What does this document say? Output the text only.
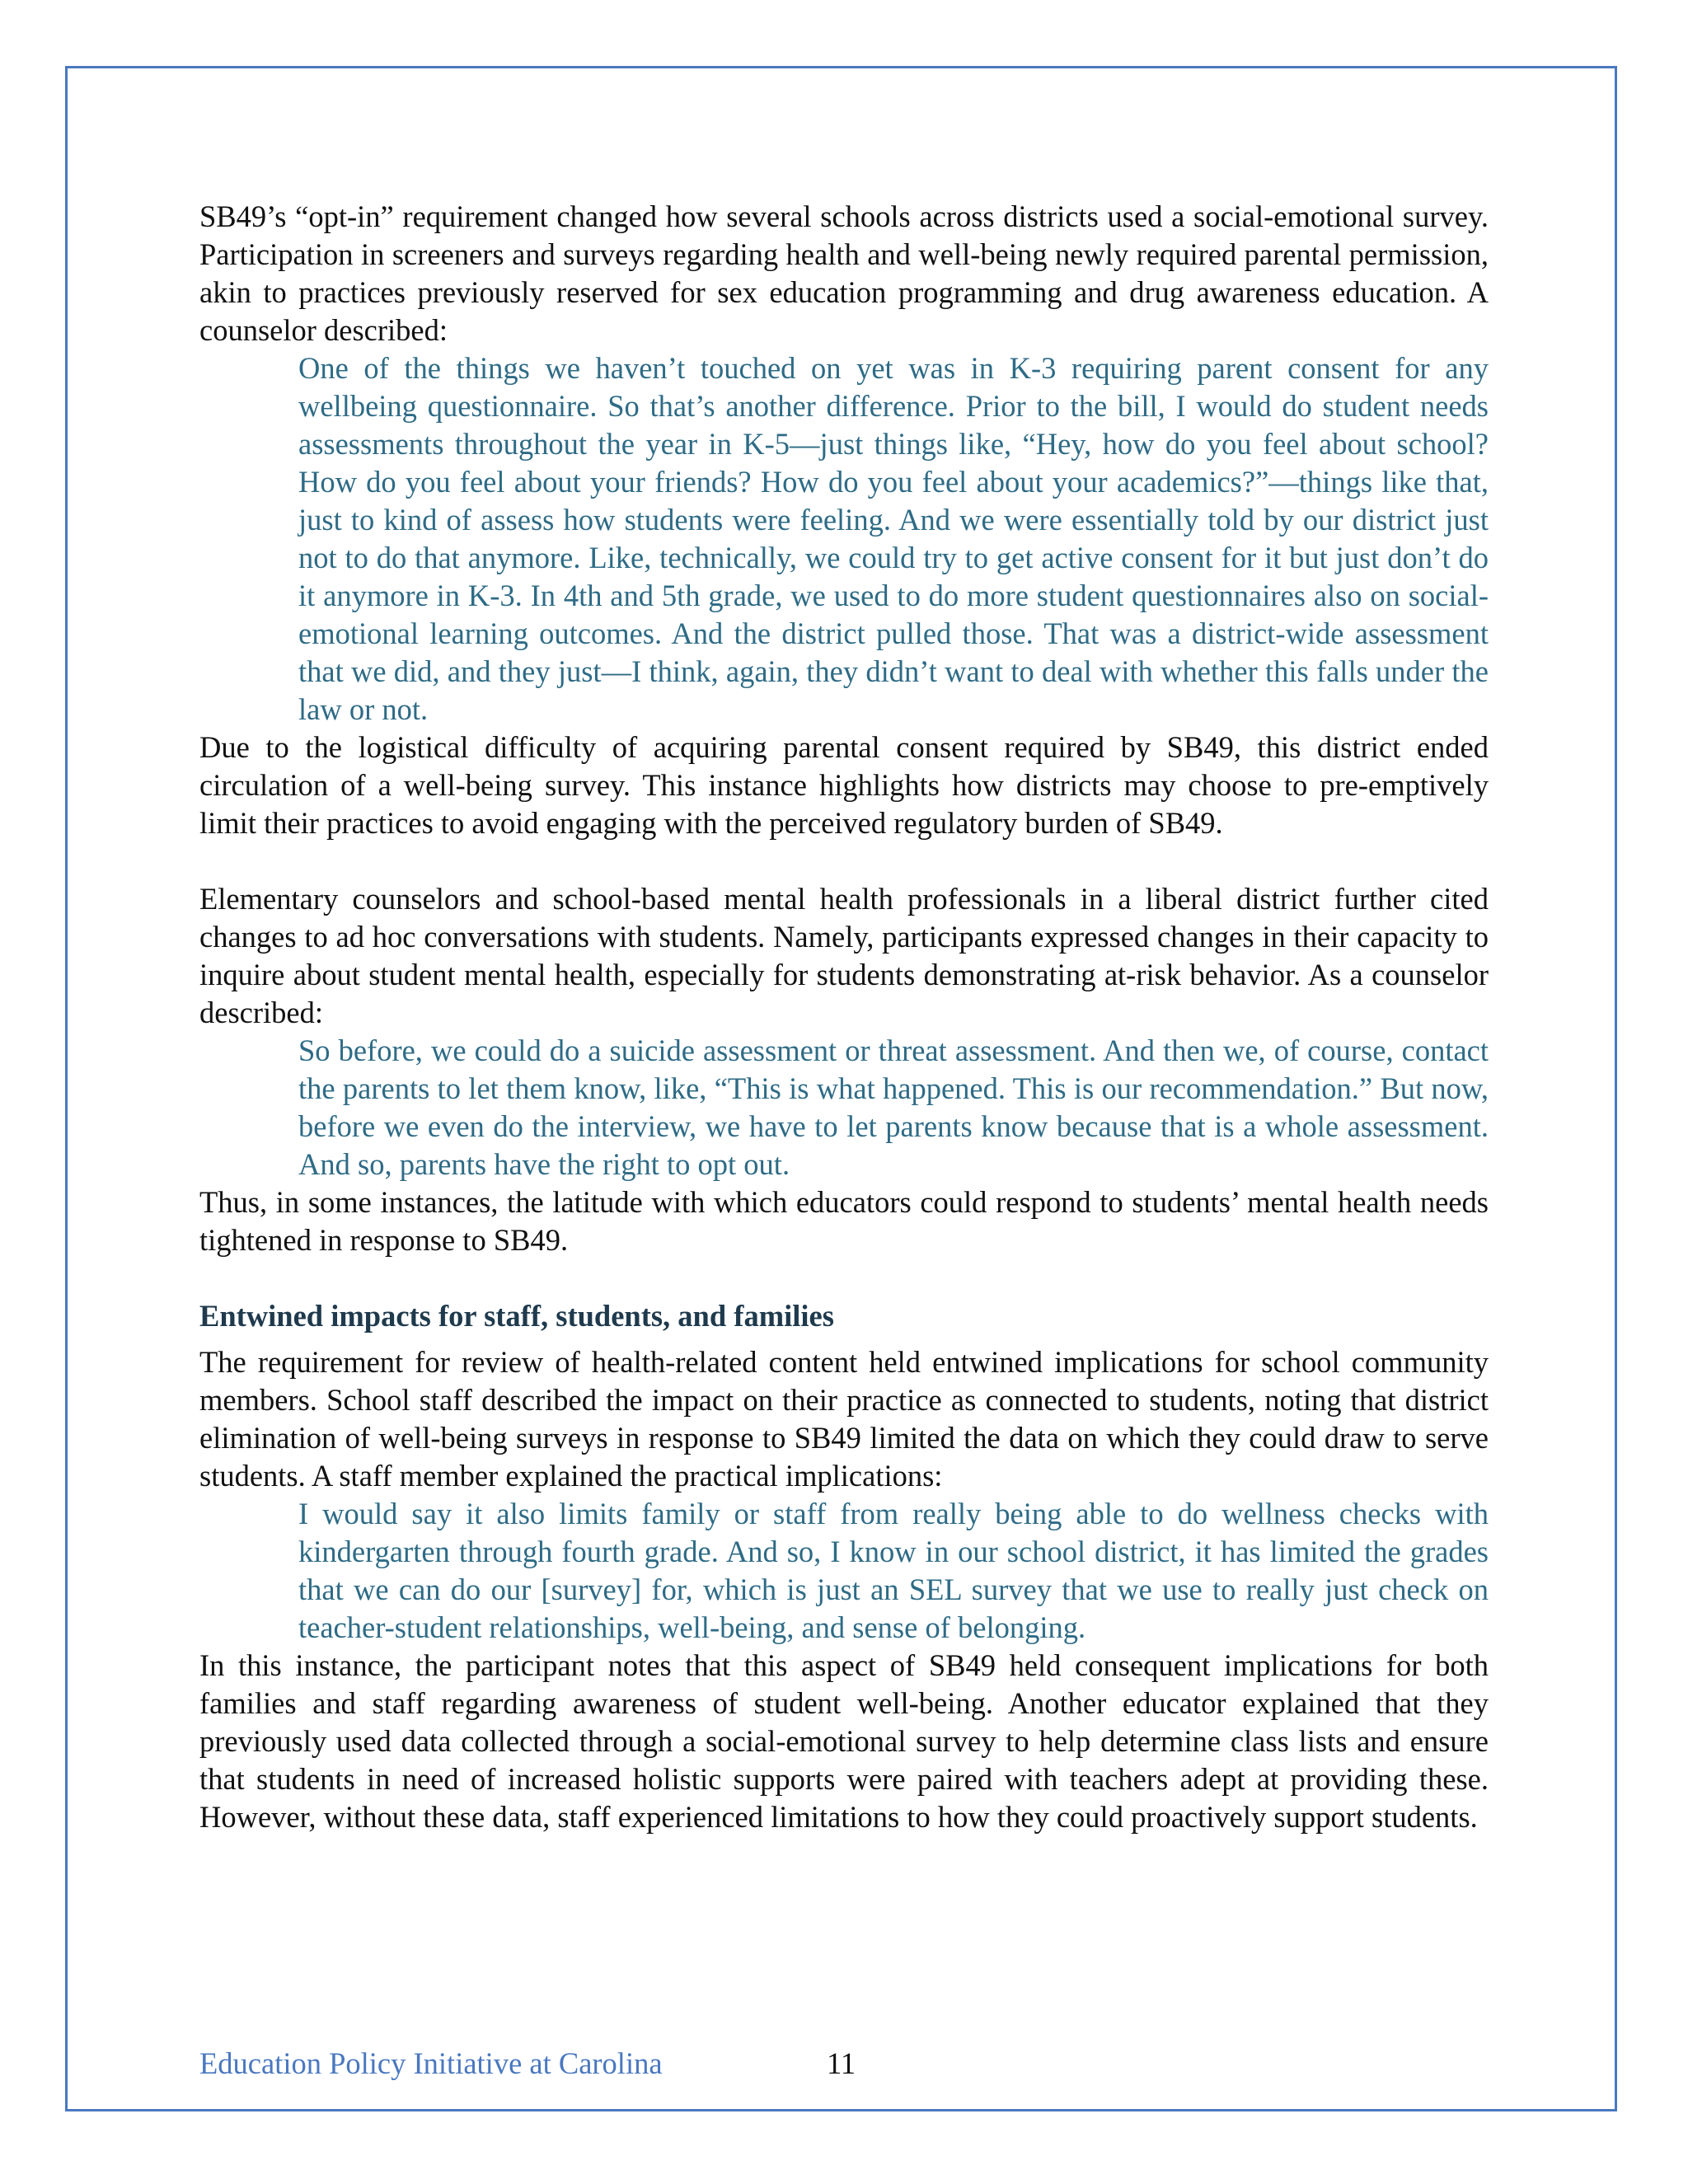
SB49’s “opt-in” requirement changed how several schools across districts used a social-emotional survey. Participation in screeners and surveys regarding health and well-being newly required parental permission, akin to practices previously reserved for sex education programming and drug awareness education. A counselor described:

One of the things we haven’t touched on yet was in K-3 requiring parent consent for any wellbeing questionnaire. So that’s another difference. Prior to the bill, I would do student needs assessments throughout the year in K-5—just things like, “Hey, how do you feel about school? How do you feel about your friends? How do you feel about your academics?”—things like that, just to kind of assess how students were feeling. And we were essentially told by our district just not to do that anymore. Like, technically, we could try to get active consent for it but just don’t do it anymore in K-3. In 4th and 5th grade, we used to do more student questionnaires also on social-emotional learning outcomes. And the district pulled those. That was a district-wide assessment that we did, and they just—I think, again, they didn’t want to deal with whether this falls under the law or not.

Due to the logistical difficulty of acquiring parental consent required by SB49, this district ended circulation of a well-being survey. This instance highlights how districts may choose to pre-emptively limit their practices to avoid engaging with the perceived regulatory burden of SB49.

Elementary counselors and school-based mental health professionals in a liberal district further cited changes to ad hoc conversations with students. Namely, participants expressed changes in their capacity to inquire about student mental health, especially for students demonstrating at-risk behavior. As a counselor described:

So before, we could do a suicide assessment or threat assessment. And then we, of course, contact the parents to let them know, like, “This is what happened. This is our recommendation.” But now, before we even do the interview, we have to let parents know because that is a whole assessment. And so, parents have the right to opt out.

Thus, in some instances, the latitude with which educators could respond to students’ mental health needs tightened in response to SB49.

Entwined impacts for staff, students, and families

The requirement for review of health-related content held entwined implications for school community members. School staff described the impact on their practice as connected to students, noting that district elimination of well-being surveys in response to SB49 limited the data on which they could draw to serve students. A staff member explained the practical implications:

I would say it also limits family or staff from really being able to do wellness checks with kindergarten through fourth grade. And so, I know in our school district, it has limited the grades that we can do our [survey] for, which is just an SEL survey that we use to really just check on teacher-student relationships, well-being, and sense of belonging.

In this instance, the participant notes that this aspect of SB49 held consequent implications for both families and staff regarding awareness of student well-being. Another educator explained that they previously used data collected through a social-emotional survey to help determine class lists and ensure that students in need of increased holistic supports were paired with teachers adept at providing these. However, without these data, staff experienced limitations to how they could proactively support students.

Education Policy Initiative at Carolina	11
